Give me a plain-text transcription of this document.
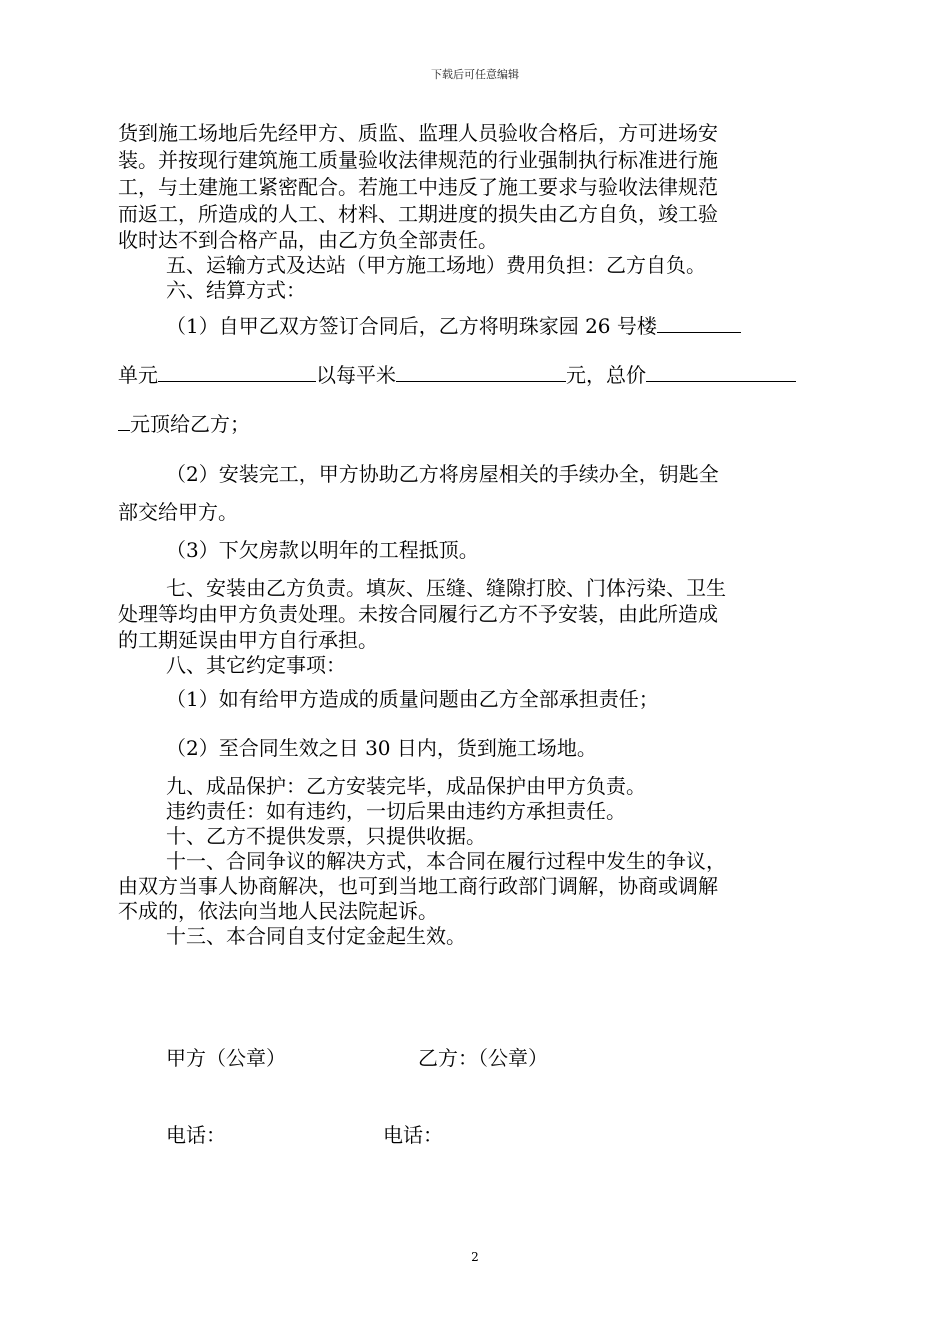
下载后可任意编辑
货到施工场地后先经甲方、质监、监理人员验收合格后，方可进场安
装。并按现行建筑施工质量验收法律规范的行业强制执行标准进行施
工，与土建施工紧密配合。若施工中违反了施工要求与验收法律规范
而返工，所造成的人工、材料、工期进度的损失由乙方自负，竣工验
收时达不到合格产品，由乙方负全部责任。
五、运输方式及达站（甲方施工场地）费用负担：乙方自负。
六、结算方式：
（1）自甲乙双方签订合同后，乙方将明珠家园 26 号楼
单元	以每平米	元，总价
元顶给乙方；
（2）安装完工，甲方协助乙方将房屋相关的手续办全，钥匙全
部交给甲方。
（3）下欠房款以明年的工程抵顶。
七、安装由乙方负责。填灰、压缝、缝隙打胶、门体污染、卫生
处理等均由甲方负责处理。未按合同履行乙方不予安装，由此所造成
的工期延误由甲方自行承担。
八、其它约定事项：
（1）如有给甲方造成的质量问题由乙方全部承担责任；
（2）至合同生效之日 30 日内，货到施工场地。
九、成品保护：乙方安装完毕，成品保护由甲方负责。
违约责任：如有违约，一切后果由违约方承担责任。
十、乙方不提供发票，只提供收据。
十一、合同争议的解决方式，本合同在履行过程中发生的争议，
由双方当事人协商解决，也可到当地工商行政部门调解，协商或调解
不成的，依法向当地人民法院起诉。
十三、本合同自支付定金起生效。
甲方（公章）	乙方：（公章）
电话：	电话：
2
